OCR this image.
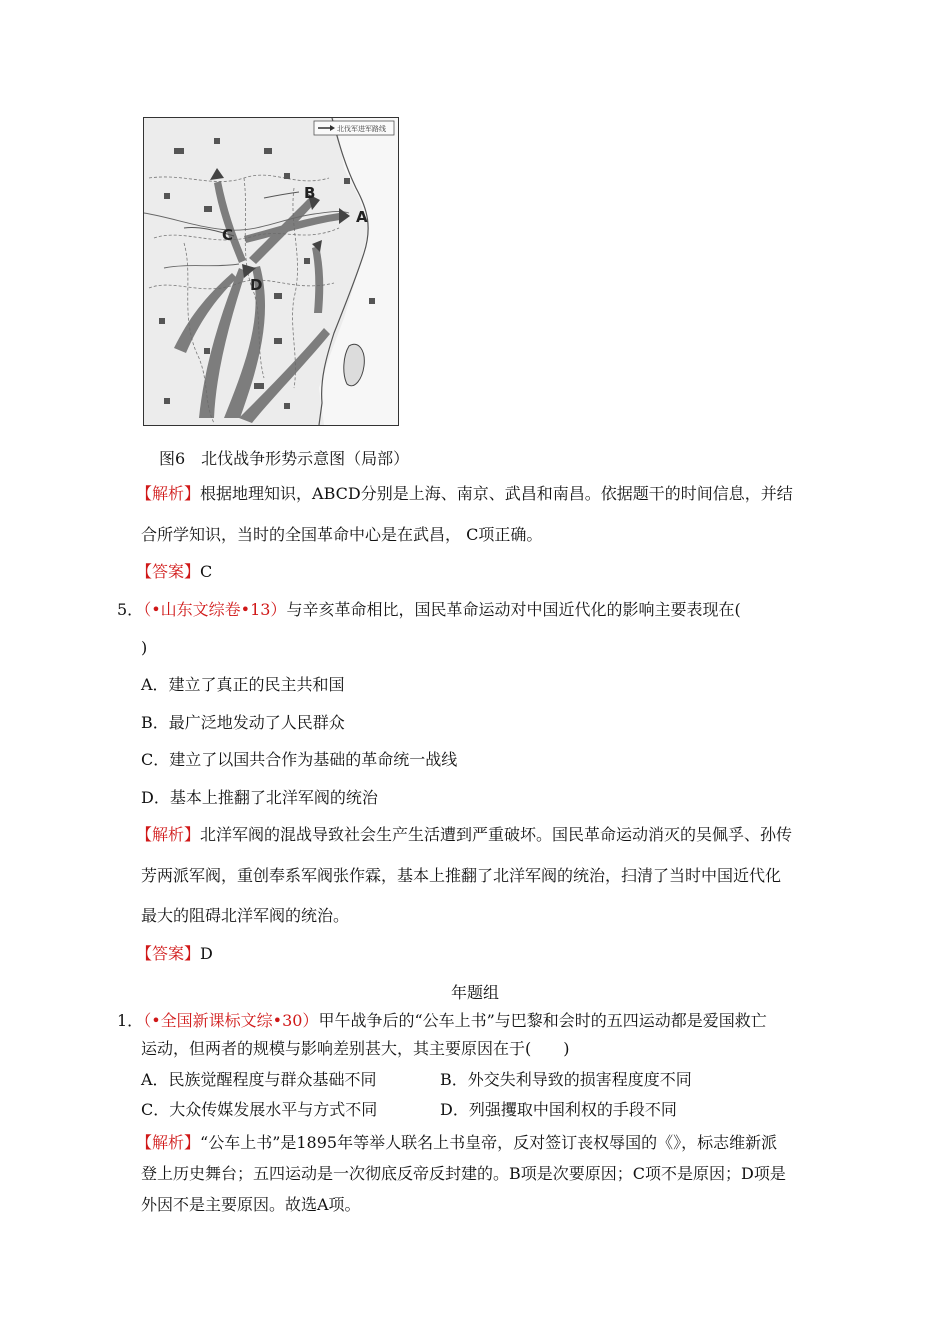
北伐军进军路线
B
A
C
D
图6　北伐战争形势示意图（局部）
【解析】根据地理知识，ABCD分别是上海、南京、武昌和南昌。依据题干的时间信息，并结
合所学知识，当时的全国革命中心是在武昌， C项正确。
【答案】C
5．（•山东文综卷•13）与辛亥革命相比，国民革命运动对中国近代化的影响主要表现在(
)
A．建立了真正的民主共和国
B．最广泛地发动了人民群众
C．建立了以国共合作为基础的革命统一战线
D．基本上推翻了北洋军阀的统治
【解析】北洋军阀的混战导致社会生产生活遭到严重破坏。国民革命运动消灭的吴佩孚、孙传
芳两派军阀，重创奉系军阀张作霖，基本上推翻了北洋军阀的统治，扫清了当时中国近代化
最大的阻碍北洋军阀的统治。
【答案】D
年题组
1．（•全国新课标文综•30）甲午战争后的“公车上书”与巴黎和会时的五四运动都是爱国救亡
运动，但两者的规模与影响差别甚大，其主要原因在于(　　)
A．民族觉醒程度与群众基础不同	B．外交失利导致的损害程度度不同
C．大众传媒发展水平与方式不同	D．列强攫取中国利权的手段不同
【解析】“公车上书”是1895年等举人联名上书皇帝，反对签订丧权辱国的《》，标志维新派
登上历史舞台；五四运动是一次彻底反帝反封建的。B项是次要原因；C项不是原因；D项是
外因不是主要原因。故选A项。
